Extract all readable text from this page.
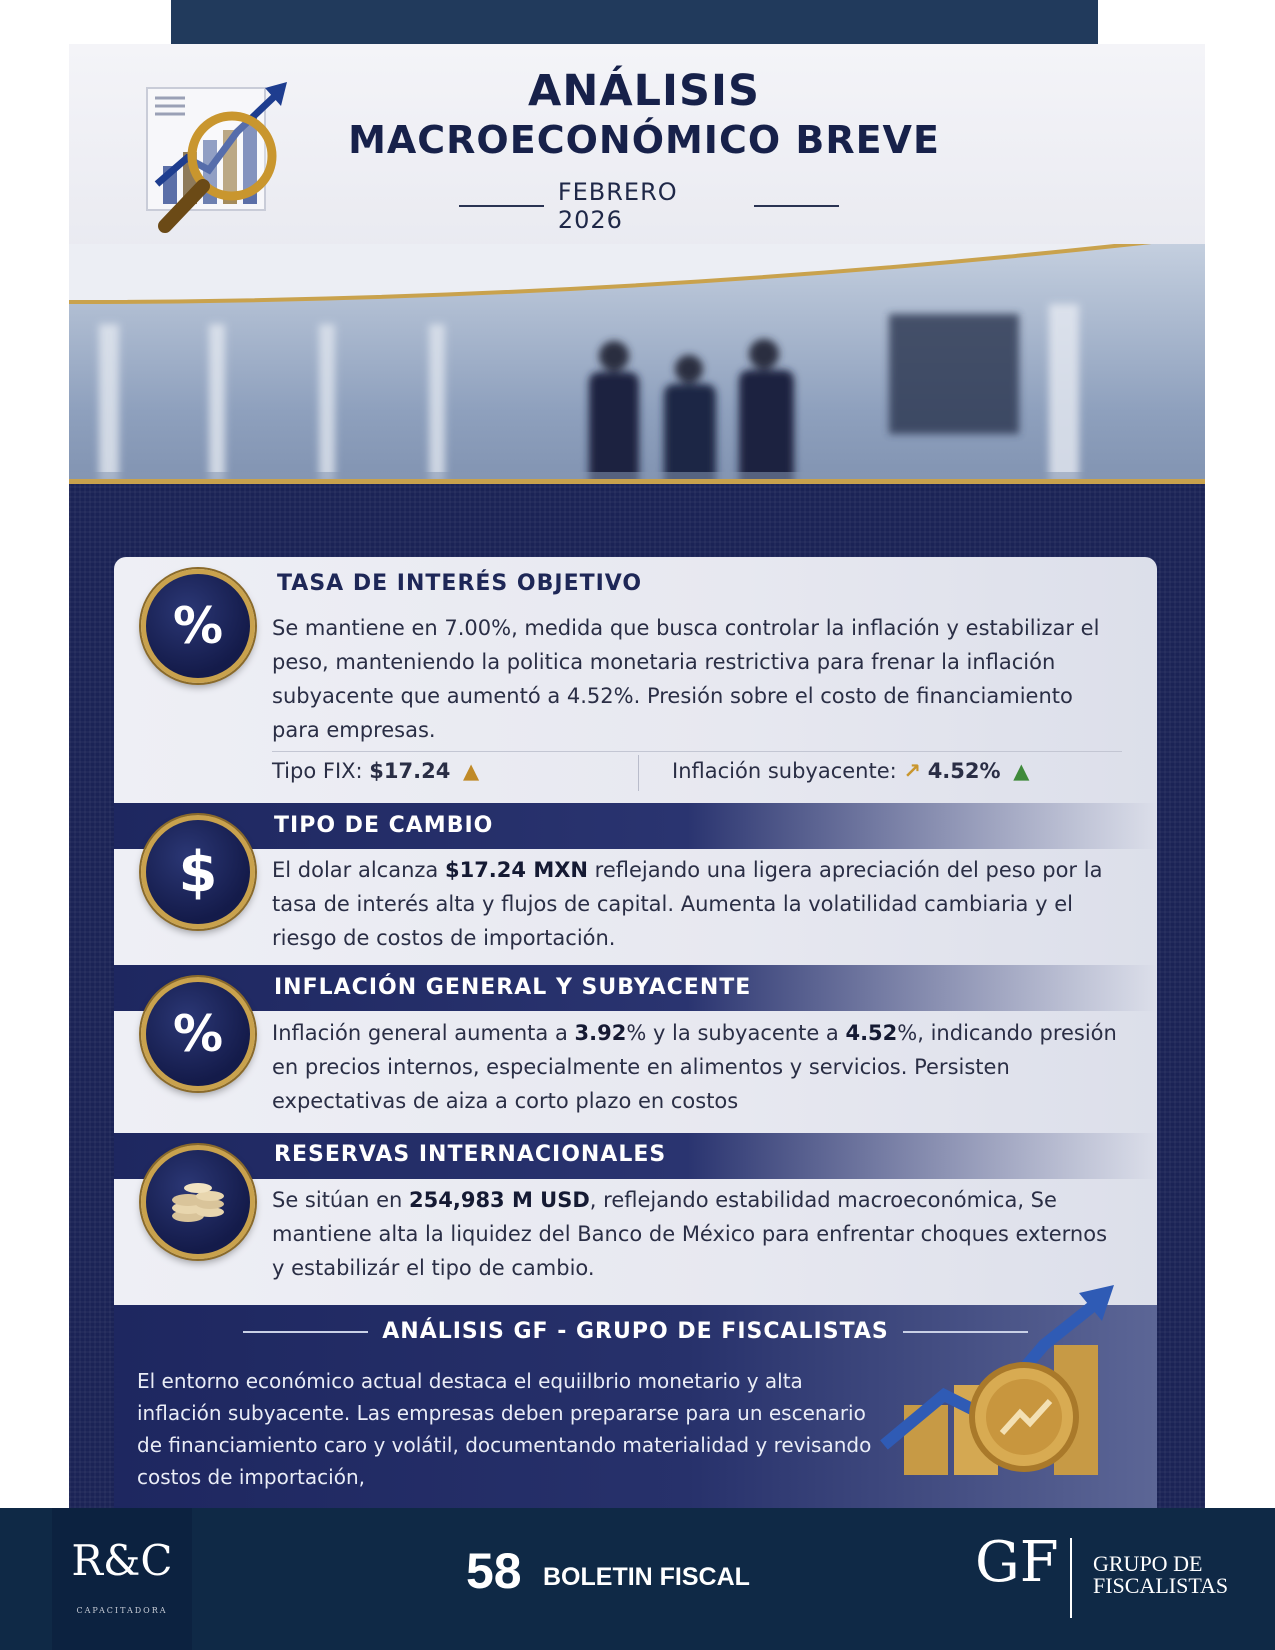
ANÁLISIS
MACROECONÓMICO BREVE
FEBRERO 2026
%
TASA DE INTERÉS OBJETIVO
Se mantiene en 7.00%, medida que busca controlar la inflación y estabilizar el peso, manteniendo la politica monetaria restrictiva para frenar la inflación subyacente que aumentó a 4.52%. Presión sobre el costo de financiamiento para empresas.
Tipo FIX: $17.24 ▲	Inflación subyacente: ↗ 4.52% ▲
$
TIPO DE CAMBIO
El dolar alcanza $17.24 MXN reflejando una ligera apreciación del peso por la tasa de interés alta y flujos de capital. Aumenta la volatilidad cambiaria y el riesgo de costos de importación.
%
INFLACIÓN GENERAL Y SUBYACENTE
Inflación general aumenta a 3.92% y la subyacente a 4.52%, indicando presión en precios internos, especialmente en alimentos y servicios. Persisten expectativas de aiza a corto plazo en costos
RESERVAS INTERNACIONALES
Se sitúan en 254,983 M USD, reflejando estabilidad macroeconómica, Se mantiene alta la liquidez del Banco de México para enfrentar choques externos y estabilizár el tipo de cambio.
ANÁLISIS GF - GRUPO DE FISCALISTAS
El entorno económico actual destaca el equiilbrio monetario y alta inflación subyacente. Las empresas deben prepararse para un escenario de financiamiento caro y volátil, documentando materialidad y revisando costos de importación,
R&C
CAPACITADORA
58 BOLETIN FISCAL	GF GRUPO DE
FISCALISTAS
